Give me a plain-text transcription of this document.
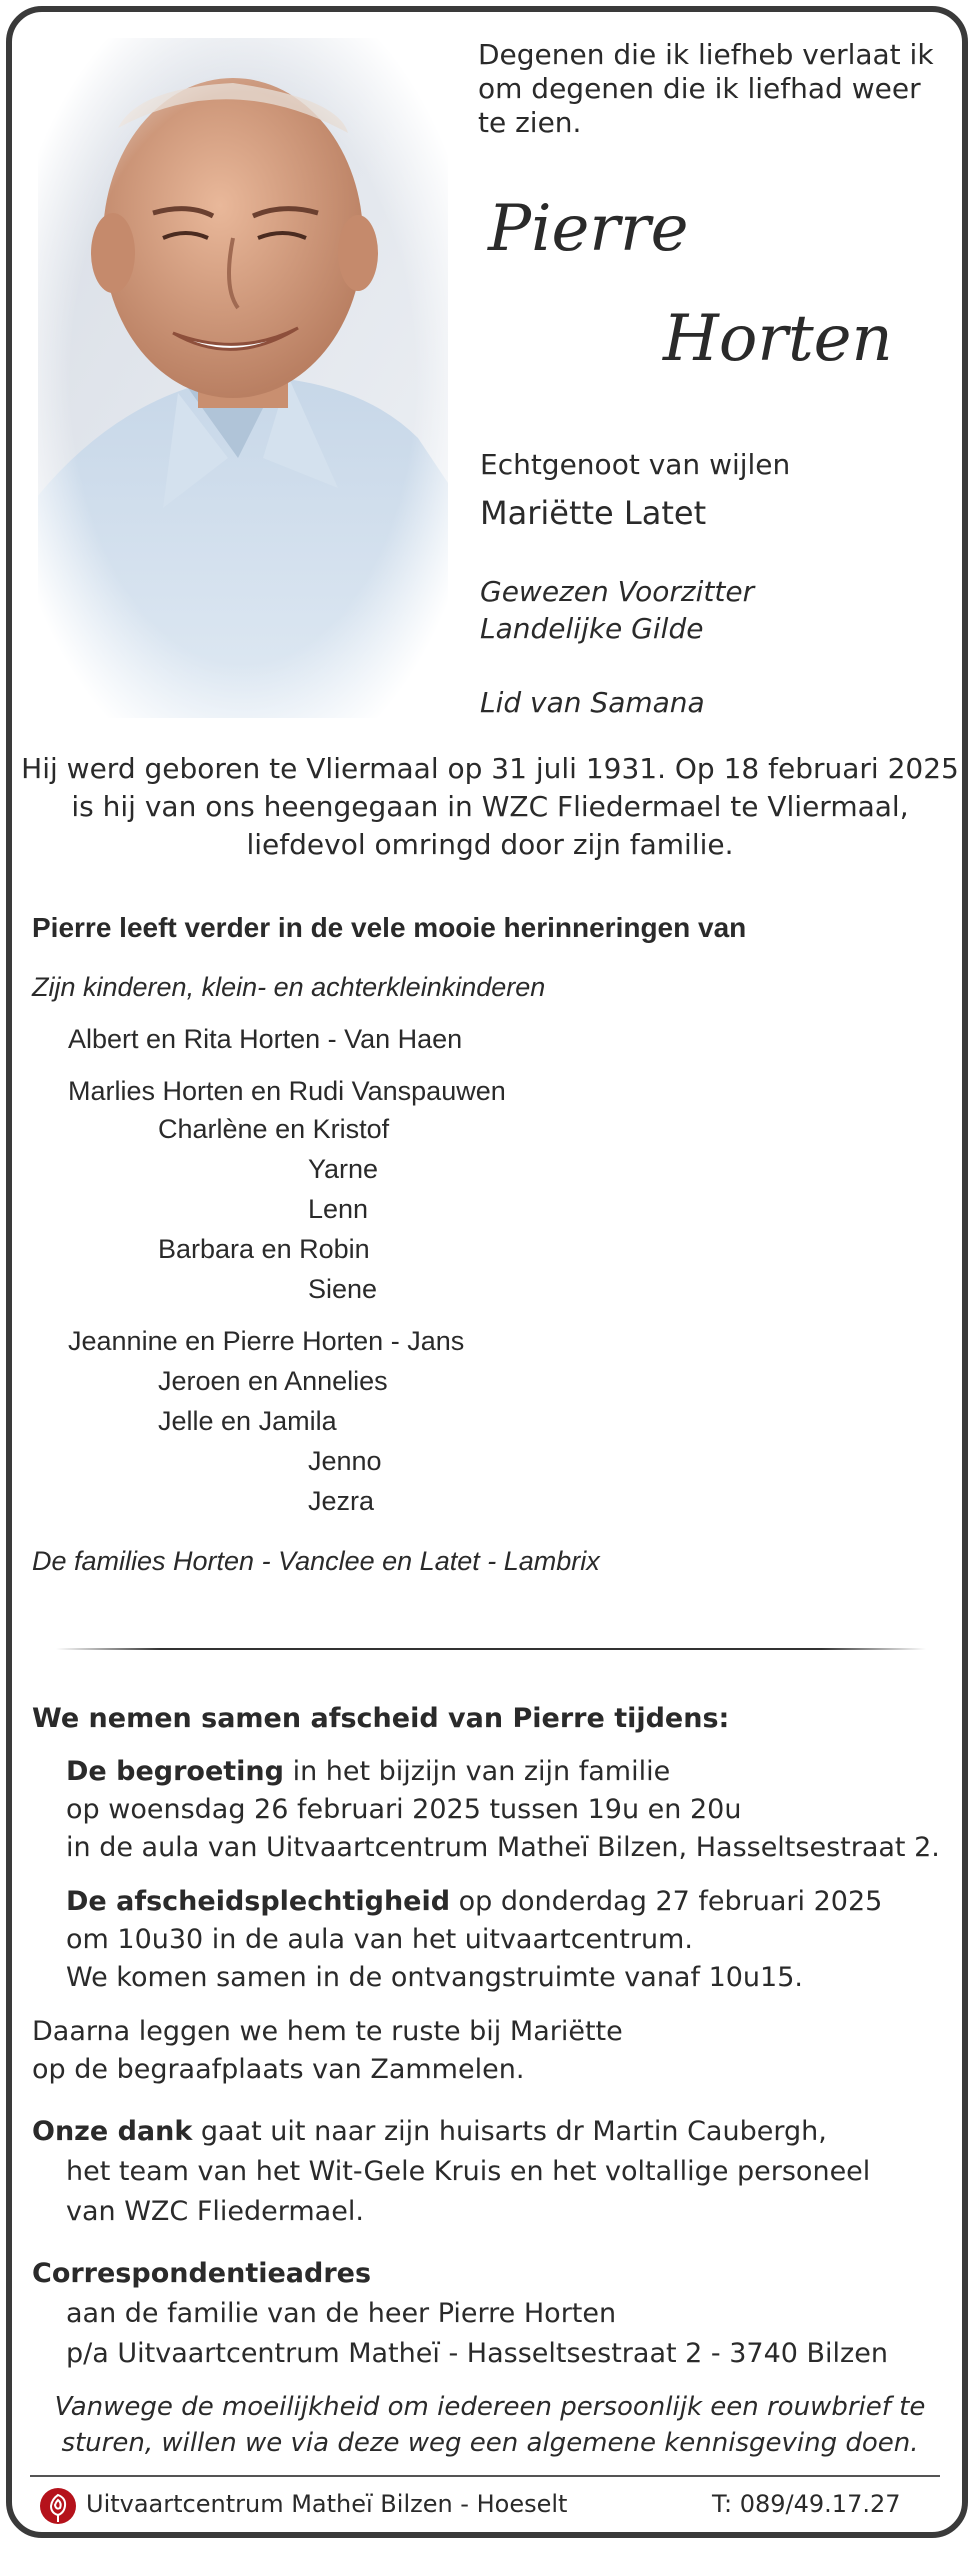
Degenen die ik liefheb verlaat ik
om degenen die ik liefhad weer
te zien.
Pierre
Horten
Echtgenoot van wijlen
Mariëtte Latet
Gewezen Voorzitter
Landelijke Gilde
Lid van Samana
Hij werd geboren te Vliermaal op 31 juli 1931. Op 18 februari 2025
is hij van ons heengegaan in WZC Fliedermael te Vliermaal,
liefdevol omringd door zijn familie.
Pierre leeft verder in de vele mooie herinneringen van
Zijn kinderen, klein- en achterkleinkinderen
Albert en Rita Horten - Van Haen
Marlies Horten en Rudi Vanspauwen
Charlène en Kristof
Yarne
Lenn
Barbara en Robin
Siene
Jeannine en Pierre Horten - Jans
Jeroen en Annelies
Jelle en Jamila
Jenno
Jezra
De families Horten - Vanclee en Latet - Lambrix
We nemen samen afscheid van Pierre tijdens:
De begroeting in het bijzijn van zijn familie
op woensdag 26 februari 2025 tussen 19u en 20u
in de aula van Uitvaartcentrum Matheï Bilzen, Hasseltsestraat 2.
De afscheidsplechtigheid op donderdag 27 februari 2025
om 10u30 in de aula van het uitvaartcentrum.
We komen samen in de ontvangstruimte vanaf 10u15.
Daarna leggen we hem te ruste bij Mariëtte
op de begraafplaats van Zammelen.
Onze dank gaat uit naar zijn huisarts dr Martin Caubergh,
het team van het Wit-Gele Kruis en het voltallige personeel
van WZC Fliedermael.
Correspondentieadres
aan de familie van de heer Pierre Horten
p/a Uitvaartcentrum Matheï - Hasseltsestraat 2 - 3740 Bilzen
Vanwege de moeilijkheid om iedereen persoonlijk een rouwbrief te
sturen, willen we via deze weg een algemene kennisgeving doen.
Uitvaartcentrum Matheï Bilzen - Hoeselt	T: 089/49.17.27
